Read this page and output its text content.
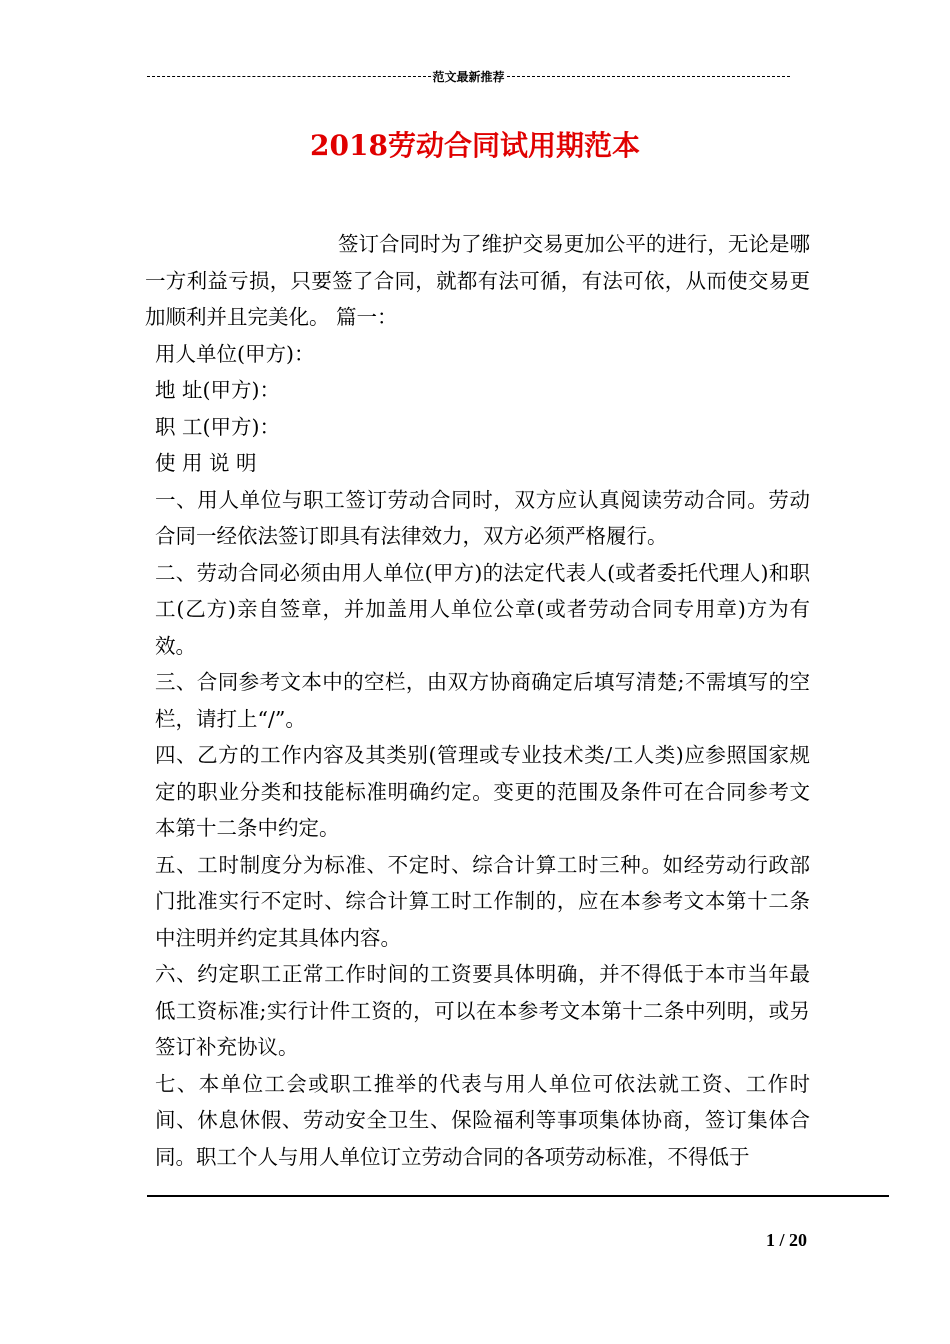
范文最新推荐
2018劳动合同试用期范本

签订合同时为了维护交易更加公平的进行，无论是哪一方利益亏损，只要签了合同，就都有法可循，有法可依，从而使交易更加顺利并且完美化。 篇一：

用人单位(甲方)：

地 址(甲方)：

职 工(甲方)：

使 用 说 明

一、用人单位与职工签订劳动合同时，双方应认真阅读劳动合同。劳动合同一经依法签订即具有法律效力，双方必须严格履行。

二、劳动合同必须由用人单位(甲方)的法定代表人(或者委托代理人)和职工(乙方)亲自签章，并加盖用人单位公章(或者劳动合同专用章)方为有效。

三、合同参考文本中的空栏，由双方协商确定后填写清楚;不需填写的空栏，请打上“/”。

四、乙方的工作内容及其类别(管理或专业技术类/工人类)应参照国家规定的职业分类和技能标准明确约定。变更的范围及条件可在合同参考文本第十二条中约定。

五、工时制度分为标准、不定时、综合计算工时三种。如经劳动行政部门批准实行不定时、综合计算工时工作制的，应在本参考文本第十二条中注明并约定其具体内容。

六、约定职工正常工作时间的工资要具体明确，并不得低于本市当年最低工资标准;实行计件工资的，可以在本参考文本第十二条中列明，或另签订补充协议。

七、本单位工会或职工推举的代表与用人单位可依法就工资、工作时间、休息休假、劳动安全卫生、保险福利等事项集体协商，签订集体合同。职工个人与用人单位订立劳动合同的各项劳动标准，不得低于

1 / 20
